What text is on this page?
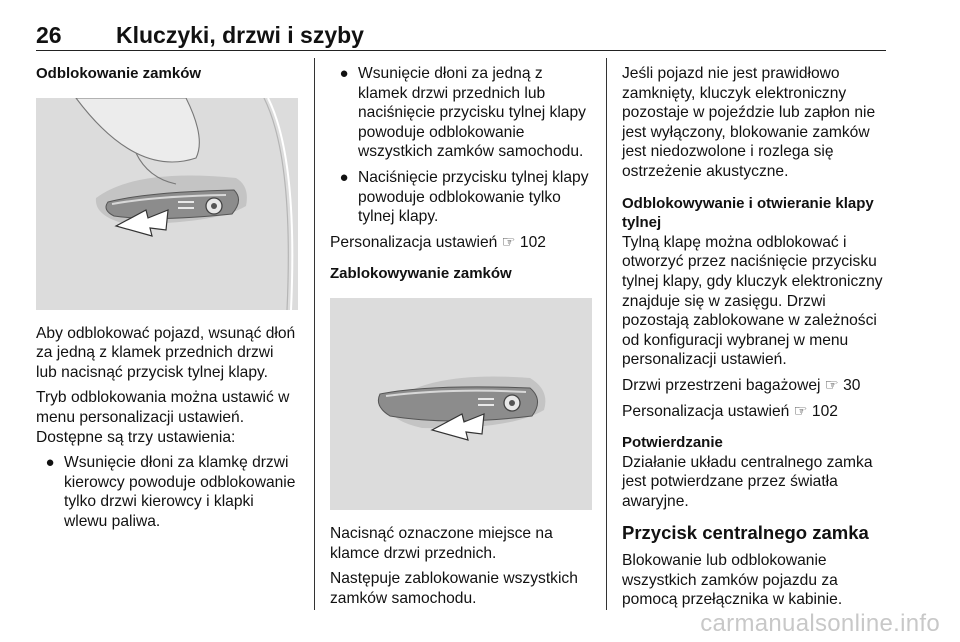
26 Kluczyki, drzwi i szyby
Odblokowanie zamków

Aby odblokować pojazd, wsunąć dłoń za jedną z klamek przednich drzwi lub nacisnąć przycisk tylnej klapy.

Tryb odblokowania można ustawić w menu personalizacji ustawień. Dostępne są trzy ustawienia:

● Wsunięcie dłoni za klamkę drzwi kierowcy powoduje odblokowanie tylko drzwi kierowcy i klapki wlewu paliwa.
● Wsunięcie dłoni za jedną z klamek drzwi przednich lub naciśnięcie przycisku tylnej klapy powoduje odblokowanie wszystkich zamków samochodu.
● Naciśnięcie przycisku tylnej klapy powoduje odblokowanie tylko tylnej klapy.

Personalizacja ustawień ☞ 102

Zablokowywanie zamków

Nacisnąć oznaczone miejsce na klamce drzwi przednich.

Następuje zablokowanie wszystkich zamków samochodu.

Jeśli pojazd nie jest prawidłowo zamknięty, kluczyk elektroniczny pozostaje w pojeździe lub zapłon nie jest wyłączony, blokowanie zamków jest niedozwolone i rozlega się ostrzeżenie akustyczne.

Odblokowywanie i otwieranie klapy tylnej

Tylną klapę można odblokować i otworzyć przez naciśnięcie przycisku tylnej klapy, gdy kluczyk elektroniczny znajduje się w zasięgu. Drzwi pozostają zablokowane w zależności od konfiguracji wybranej w menu personalizacji ustawień.

Drzwi przestrzeni bagażowej ☞ 30

Personalizacja ustawień ☞ 102

Potwierdzanie

Działanie układu centralnego zamka jest potwierdzane przez światła awaryjne.

Przycisk centralnego zamka

Blokowanie lub odblokowanie wszystkich zamków pojazdu za pomocą przełącznika w kabinie.

carmanualsonline.info
